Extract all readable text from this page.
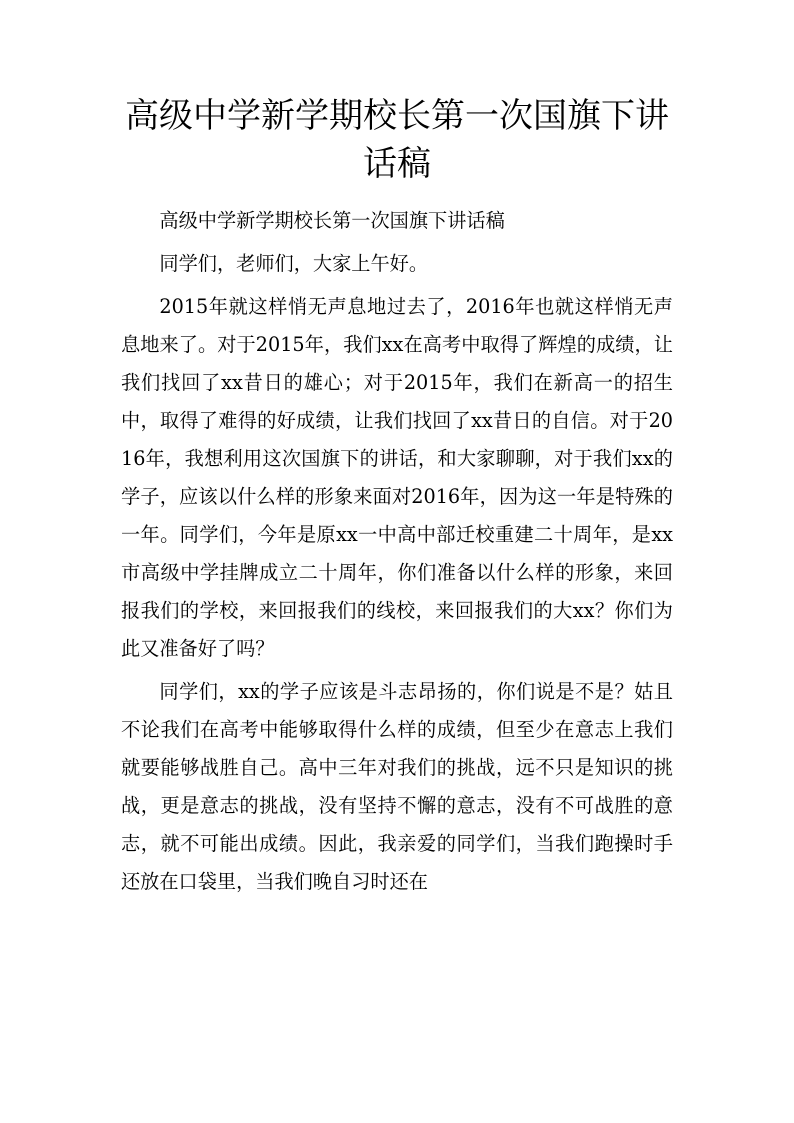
高级中学新学期校长第一次国旗下讲话稿

高级中学新学期校长第一次国旗下讲话稿

同学们，老师们，大家上午好。

2015年就这样悄无声息地过去了，2016年也就这样悄无声息地来了。对于2015年，我们xx在高考中取得了辉煌的成绩，让我们找回了xx昔日的雄心；对于2015年，我们在新高一的招生中，取得了难得的好成绩，让我们找回了xx昔日的自信。对于2016年，我想利用这次国旗下的讲话，和大家聊聊，对于我们xx的学子，应该以什么样的形象来面对2016年，因为这一年是特殊的一年。同学们，今年是原xx一中高中部迁校重建二十周年，是xx市高级中学挂牌成立二十周年，你们准备以什么样的形象，来回报我们的学校，来回报我们的线校，来回报我们的大xx？你们为此又准备好了吗？

同学们，xx的学子应该是斗志昂扬的，你们说是不是？姑且不论我们在高考中能够取得什么样的成绩，但至少在意志上我们就要能够战胜自己。高中三年对我们的挑战，远不只是知识的挑战，更是意志的挑战，没有坚持不懈的意志，没有不可战胜的意志，就不可能出成绩。因此，我亲爱的同学们，当我们跑操时手还放在口袋里，当我们晚自习时还在
